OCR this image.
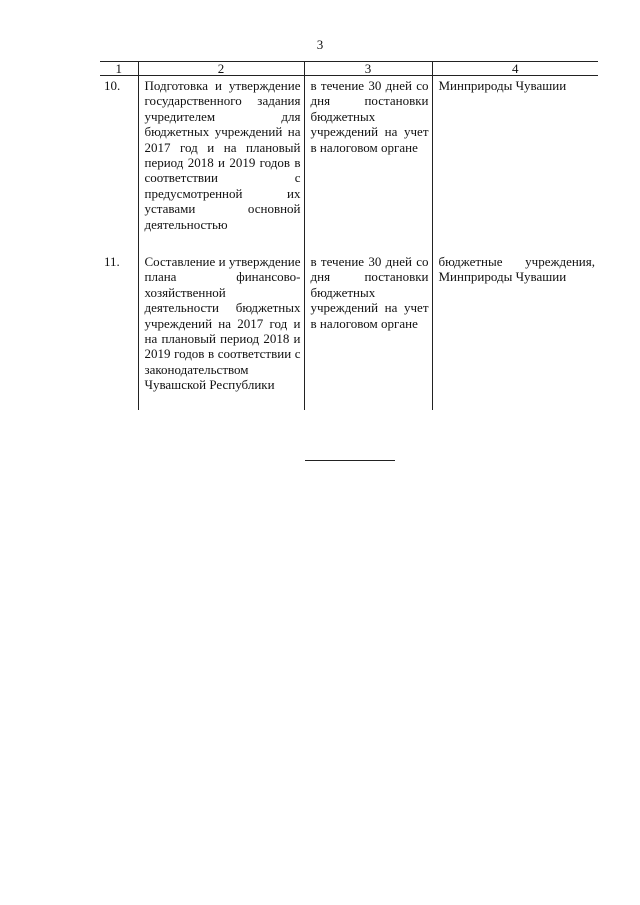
3
1	2	3	4
10.	Подготовка и утверждение государственного задания учредителем для бюджетных учреждений на 2017 год и на плановый период 2018 и 2019 годов в соответствии с предусмотренной их уставами основной деятельностью	в течение 30 дней со дня постановки бюджетных учреждений на учет в налоговом органе	Минприроды Чувашии
11.	Составление и утверждение плана финансово-хозяйственной деятельности бюджетных учреждений на 2017 год и на плановый период 2018 и 2019 годов в соответствии с законодательством Чувашской Республики	в течение 30 дней со дня постановки бюджетных учреждений на учет в налоговом органе	бюджетные учреждения, Минприроды Чувашии
